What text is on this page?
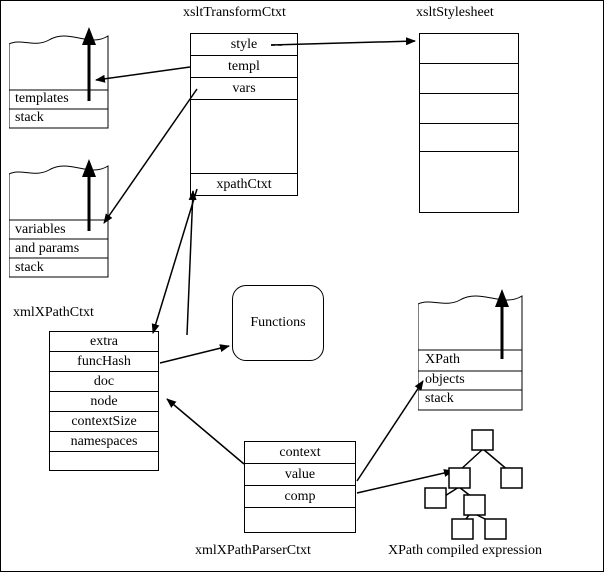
templates
stack
variables
and params
stack
xsltTransformCtxt
style
templ
vars
xpathCtxt
xsltStylesheet
xmlXPathCtxt
extra
funcHash
doc
node
contextSize
namespaces
Functions
XPath
objects
stack
context
value
comp
xmlXPathParserCtxt	XPath compiled expression
